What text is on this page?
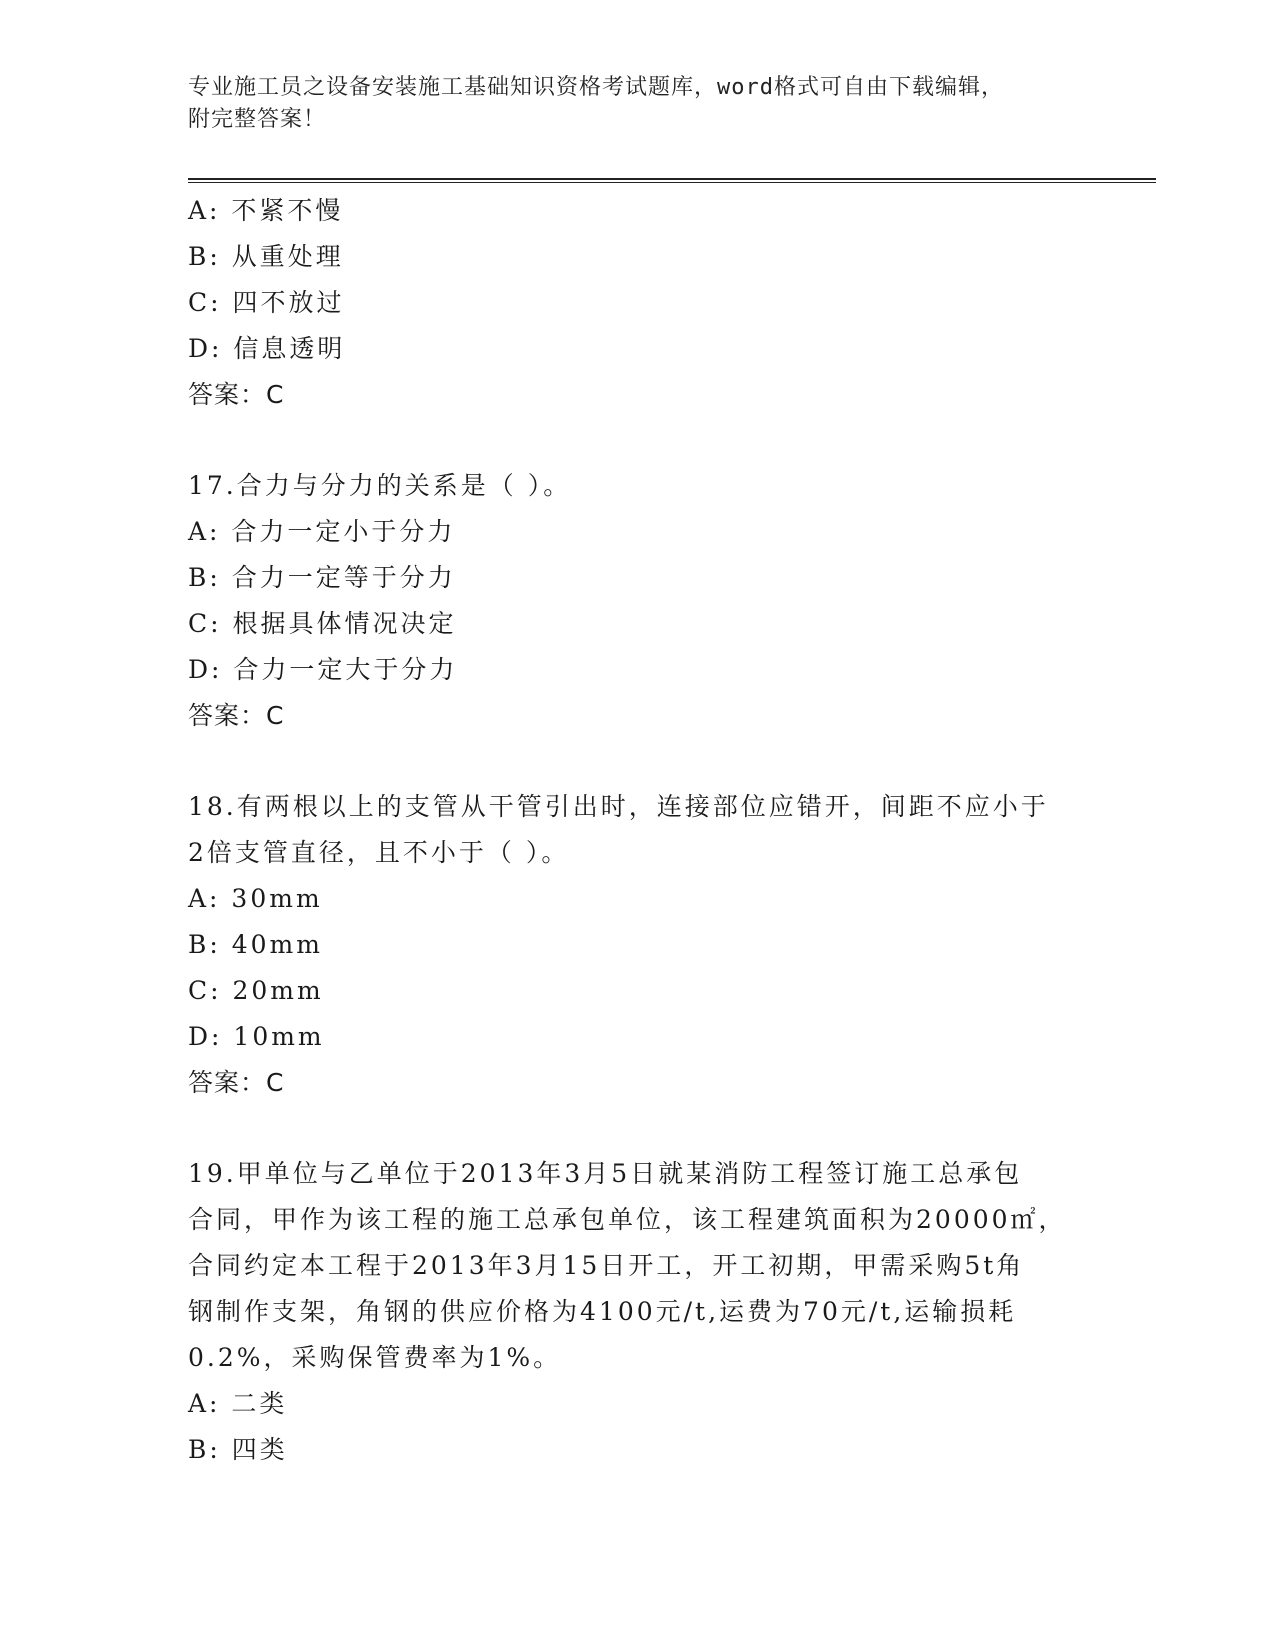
专业施工员之设备安装施工基础知识资格考试题库，word格式可自由下载编辑，
附完整答案！
A: 不紧不慢
B: 从重处理
C: 四不放过
D: 信息透明
答案：C
17.合力与分力的关系是（ ）。
A: 合力一定小于分力
B: 合力一定等于分力
C: 根据具体情况决定
D: 合力一定大于分力
答案：C
18.有两根以上的支管从干管引出时，连接部位应错开，间距不应小于
2倍支管直径，且不小于（ ）。
A: 30mm
B: 40mm
C: 20mm
D: 10mm
答案：C
19.甲单位与乙单位于2013年3月5日就某消防工程签订施工总承包
合同，甲作为该工程的施工总承包单位，该工程建筑面积为20000㎡，
合同约定本工程于2013年3月15日开工，开工初期，甲需采购5t角
钢制作支架，角钢的供应价格为4100元/t,运费为70元/t,运输损耗
0.2%，采购保管费率为1%。
A: 二类
B: 四类
